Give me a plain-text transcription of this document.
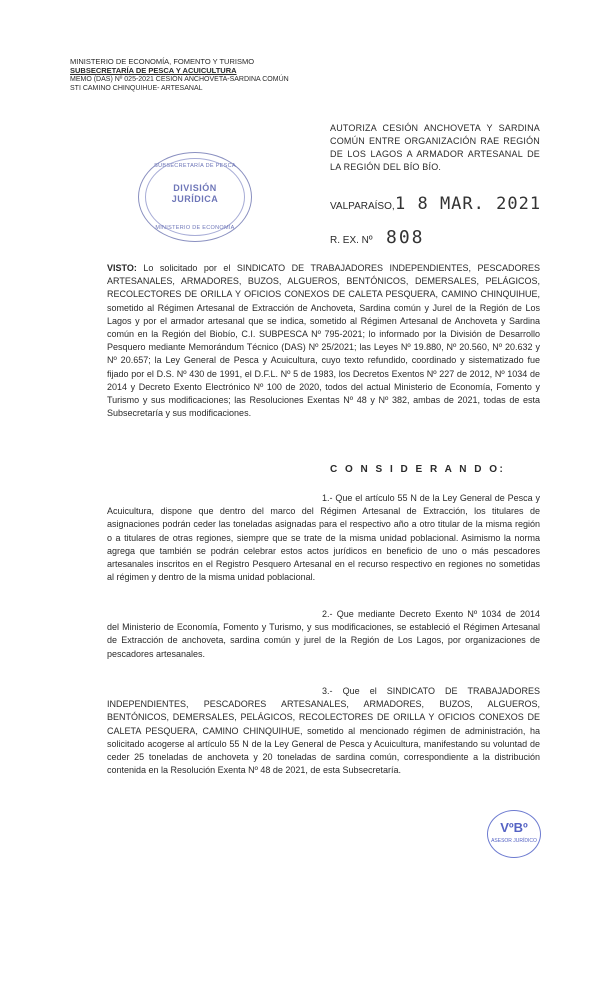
MINISTERIO DE ECONOMÍA, FOMENTO Y TURISMO
SUBSECRETARÍA DE PESCA Y ACUICULTURA
MEMO (DAS) Nº 025-2021 CESIÓN ANCHOVETA-SARDINA COMÚN
STI CAMINO CHINQUIHUE- ARTESANAL
AUTORIZA CESIÓN ANCHOVETA Y SARDINA COMÚN ENTRE ORGANIZACIÓN RAE REGIÓN DE LOS LAGOS A ARMADOR ARTESANAL DE LA REGIÓN DEL BÍO BÍO.
SUBSECRETARÍA DE PESCA
DIVISIÓN
JURÍDICA
MINISTERIO DE ECONOMÍA
VALPARAÍSO, 1 8 MAR. 2021
R. EX. Nº 808
VISTO: Lo solicitado por el SINDICATO DE TRABAJADORES INDEPENDIENTES, PESCADORES ARTESANALES, ARMADORES, BUZOS, ALGUEROS, BENTÓNICOS, DEMERSALES, PELÁGICOS, RECOLECTORES DE ORILLA Y OFICIOS CONEXOS DE CALETA PESQUERA, CAMINO CHINQUIHUE, sometido al Régimen Artesanal de Extracción de Anchoveta, Sardina común y Jurel de la Región de Los Lagos y por el armador artesanal que se indica, sometido al Régimen Artesanal de Anchoveta y Sardina común en la Región del Biobío, C.I. SUBPESCA Nº 795-2021; lo informado por la División de Desarrollo Pesquero mediante Memorándum Técnico (DAS) Nº 25/2021; las Leyes Nº 19.880, Nº 20.560, Nº 20.632 y Nº 20.657; la Ley General de Pesca y Acuicultura, cuyo texto refundido, coordinado y sistematizado fue fijado por el D.S. Nº 430 de 1991, el D.F.L. Nº 5 de 1983, los Decretos Exentos Nº 227 de 2012, Nº 1034 de 2014 y Decreto Exento Electrónico Nº 100 de 2020, todos del actual Ministerio de Economía, Fomento y Turismo y sus modificaciones; las Resoluciones Exentas Nº 48 y Nº 382, ambas de 2021, todas de esta Subsecretaría y sus modificaciones.
C O N S I D E R A N D O:
1.- Que el artículo 55 N de la Ley General de Pesca y Acuicultura, dispone que dentro del marco del Régimen Artesanal de Extracción, los titulares de asignaciones podrán ceder las toneladas asignadas para el respectivo año a otro titular de la misma región o a titulares de otras regiones, siempre que se trate de la misma unidad poblacional. Asimismo la norma agrega que también se podrán celebrar estos actos jurídicos en beneficio de uno o más pescadores artesanales inscritos en el Registro Pesquero Artesanal en el recurso respectivo en regiones no sometidas al régimen y dentro de la misma unidad poblacional.
2.- Que mediante Decreto Exento Nº 1034 de 2014 del Ministerio de Economía, Fomento y Turismo, y sus modificaciones, se estableció el Régimen Artesanal de Extracción de anchoveta, sardina común y jurel de la Región de Los Lagos, por organizaciones de pescadores artesanales.
3.- Que el SINDICATO DE TRABAJADORES INDEPENDIENTES, PESCADORES ARTESANALES, ARMADORES, BUZOS, ALGUEROS, BENTÓNICOS, DEMERSALES, PELÁGICOS, RECOLECTORES DE ORILLA Y OFICIOS CONEXOS DE CALETA PESQUERA, CAMINO CHINQUIHUE, sometido al mencionado régimen de administración, ha solicitado acogerse al artículo 55 N de la Ley General de Pesca y Acuicultura, manifestando su voluntad de ceder 25 toneladas de anchoveta y 20 toneladas de sardina común, correspondiente a la distribución contenida en la Resolución Exenta Nº 48 de 2021, de esta Subsecretaría.
VºBº
ASESOR JURÍDICO
